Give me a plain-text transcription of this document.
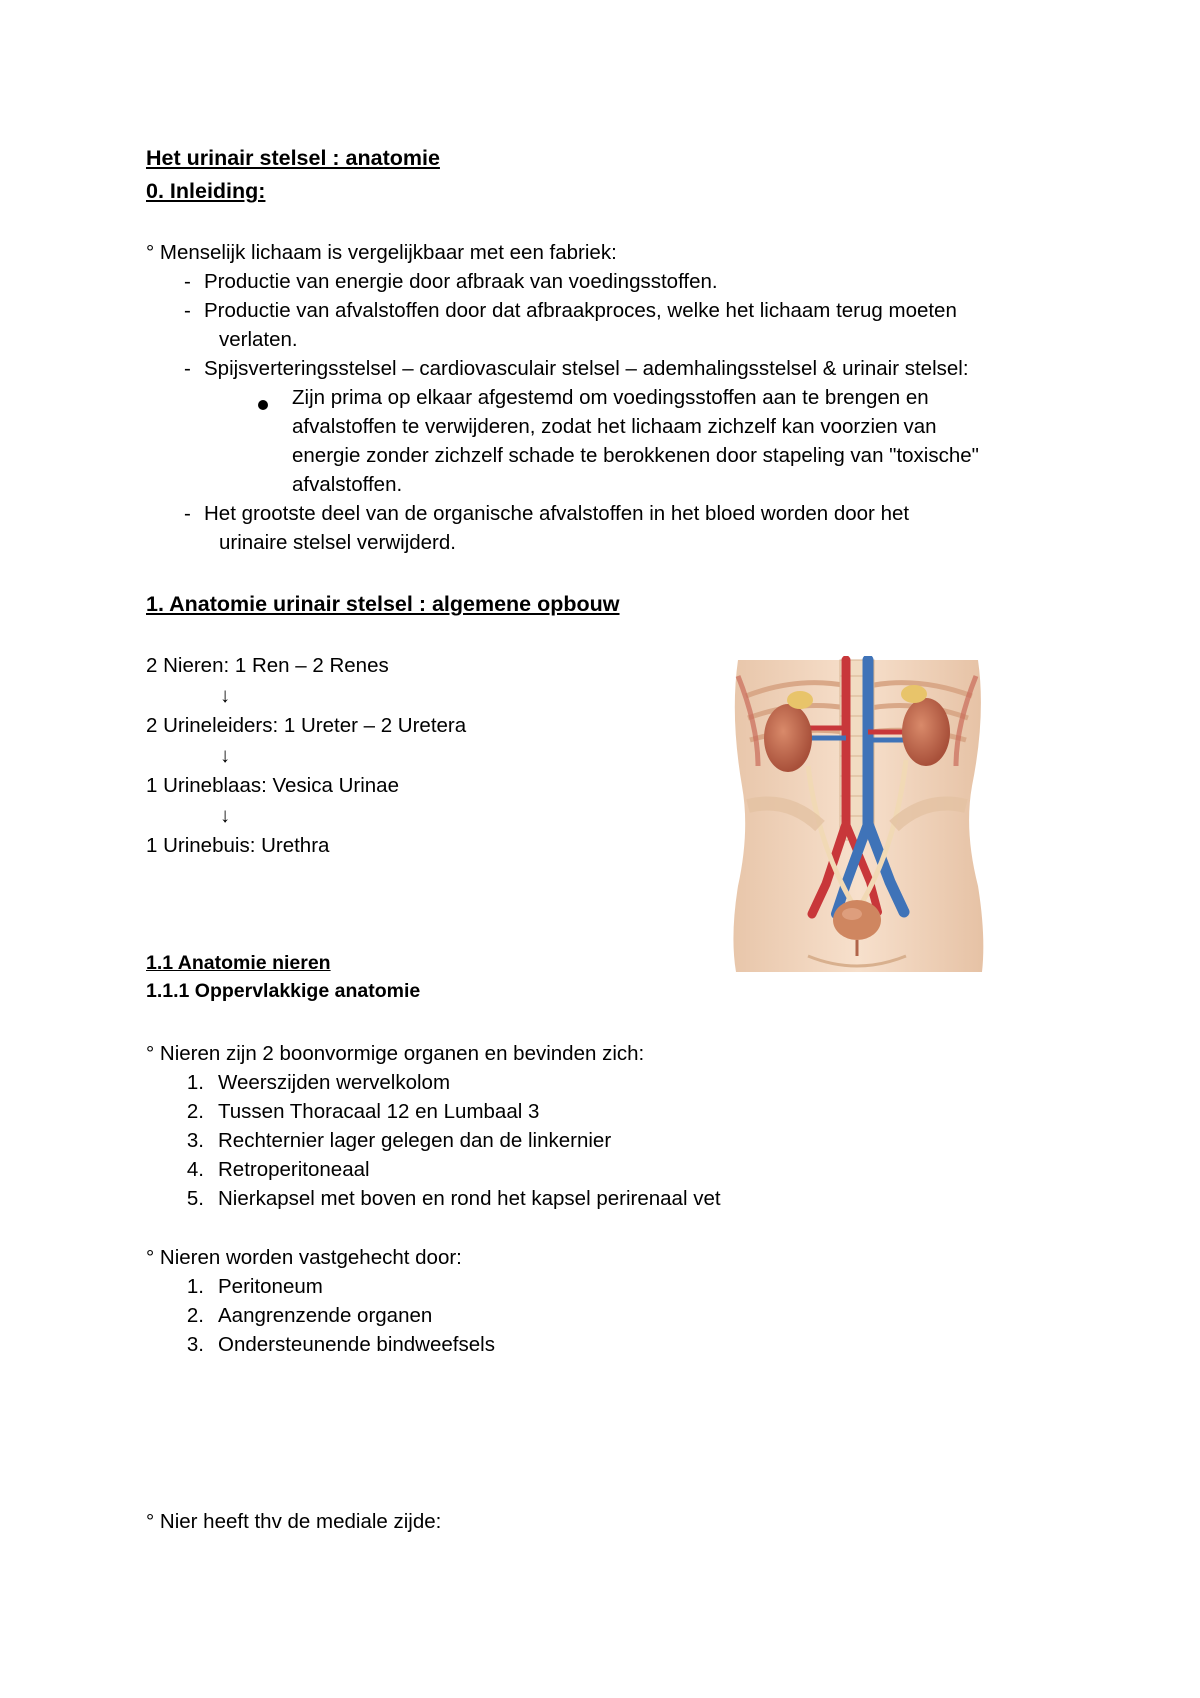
Het urinair stelsel : anatomie
0. Inleiding:
° Menselijk lichaam is vergelijkbaar met een fabriek:
- Productie van energie door afbraak van voedingsstoffen.
- Productie van afvalstoffen door dat afbraakproces, welke het lichaam terug moeten
verlaten.
- Spijsverteringsstelsel – cardiovasculair stelsel – ademhalingsstelsel & urinair stelsel:
Zijn prima op elkaar afgestemd om voedingsstoffen aan te brengen en
afvalstoffen te verwijderen, zodat het lichaam zichzelf kan voorzien van
energie zonder zichzelf schade te berokkenen door stapeling van "toxische"
afvalstoffen.
- Het grootste deel van de organische afvalstoffen in het bloed worden door het
urinaire stelsel verwijderd.
1. Anatomie urinair stelsel : algemene opbouw
2 Nieren: 1 Ren – 2 Renes
↓
2 Urineleiders: 1 Ureter – 2 Uretera
↓
1 Urineblaas: Vesica Urinae
↓
1 Urinebuis: Urethra
1.1 Anatomie nieren
1.1.1 Oppervlakkige anatomie
° Nieren zijn 2 boonvormige organen en bevinden zich:
1. Weerszijden wervelkolom
2. Tussen Thoracaal 12 en Lumbaal 3
3. Rechternier lager gelegen dan de linkernier
4. Retroperitoneaal
5. Nierkapsel met boven en rond het kapsel perirenaal vet
° Nieren worden vastgehecht door:
1. Peritoneum
2. Aangrenzende organen
3. Ondersteunende bindweefsels
° Nier heeft thv de mediale zijde:
